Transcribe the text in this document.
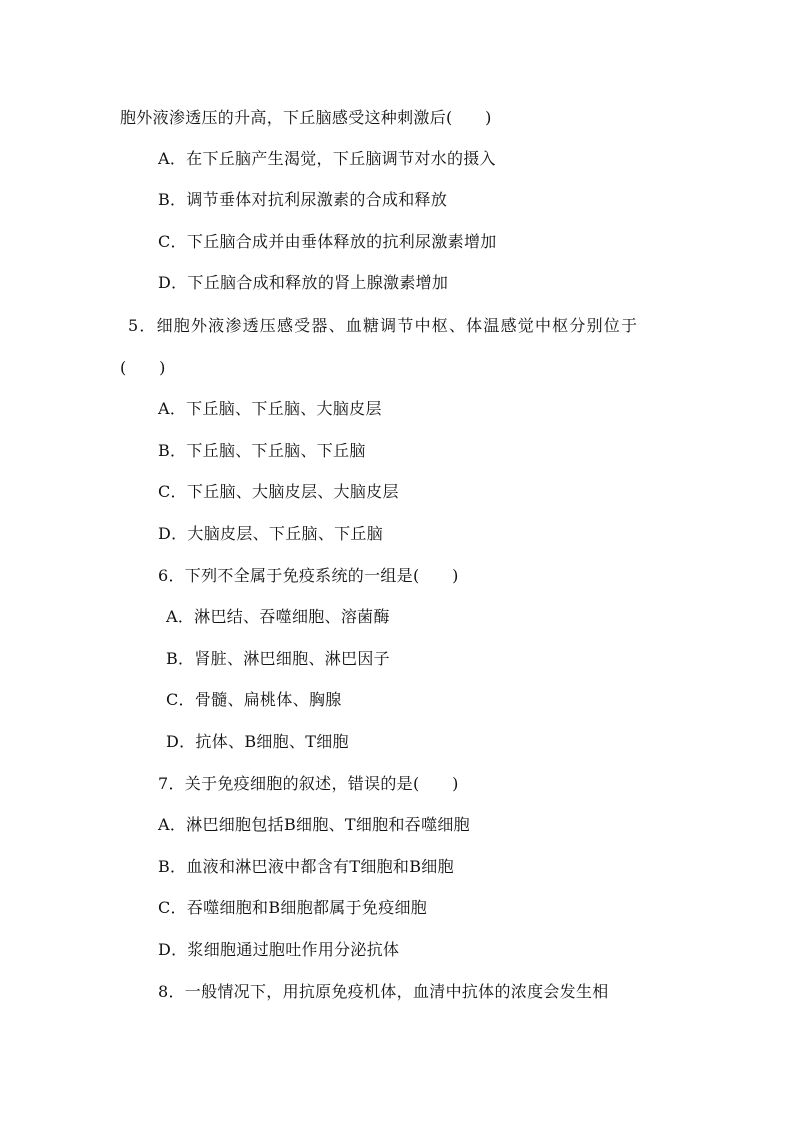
胞外液渗透压的升高，下丘脑感受这种刺激后(　　)
A．在下丘脑产生渴觉，下丘脑调节对水的摄入
B．调节垂体对抗利尿激素的合成和释放
C．下丘脑合成并由垂体释放的抗利尿激素增加
D．下丘脑合成和释放的肾上腺激素增加
5．细胞外液渗透压感受器、血糖调节中枢、体温感觉中枢分别位于
(　　)
A．下丘脑、下丘脑、大脑皮层
B．下丘脑、下丘脑、下丘脑
C．下丘脑、大脑皮层、大脑皮层
D．大脑皮层、下丘脑、下丘脑
6．下列不全属于免疫系统的一组是(　　)
A．淋巴结、吞噬细胞、溶菌酶
B．肾脏、淋巴细胞、淋巴因子
C．骨髓、扁桃体、胸腺
D．抗体、B细胞、T细胞
7．关于免疫细胞的叙述，错误的是(　　)
A．淋巴细胞包括B细胞、T细胞和吞噬细胞
B．血液和淋巴液中都含有T细胞和B细胞
C．吞噬细胞和B细胞都属于免疫细胞
D．浆细胞通过胞吐作用分泌抗体
8．一般情况下，用抗原免疫机体，血清中抗体的浓度会发生相
